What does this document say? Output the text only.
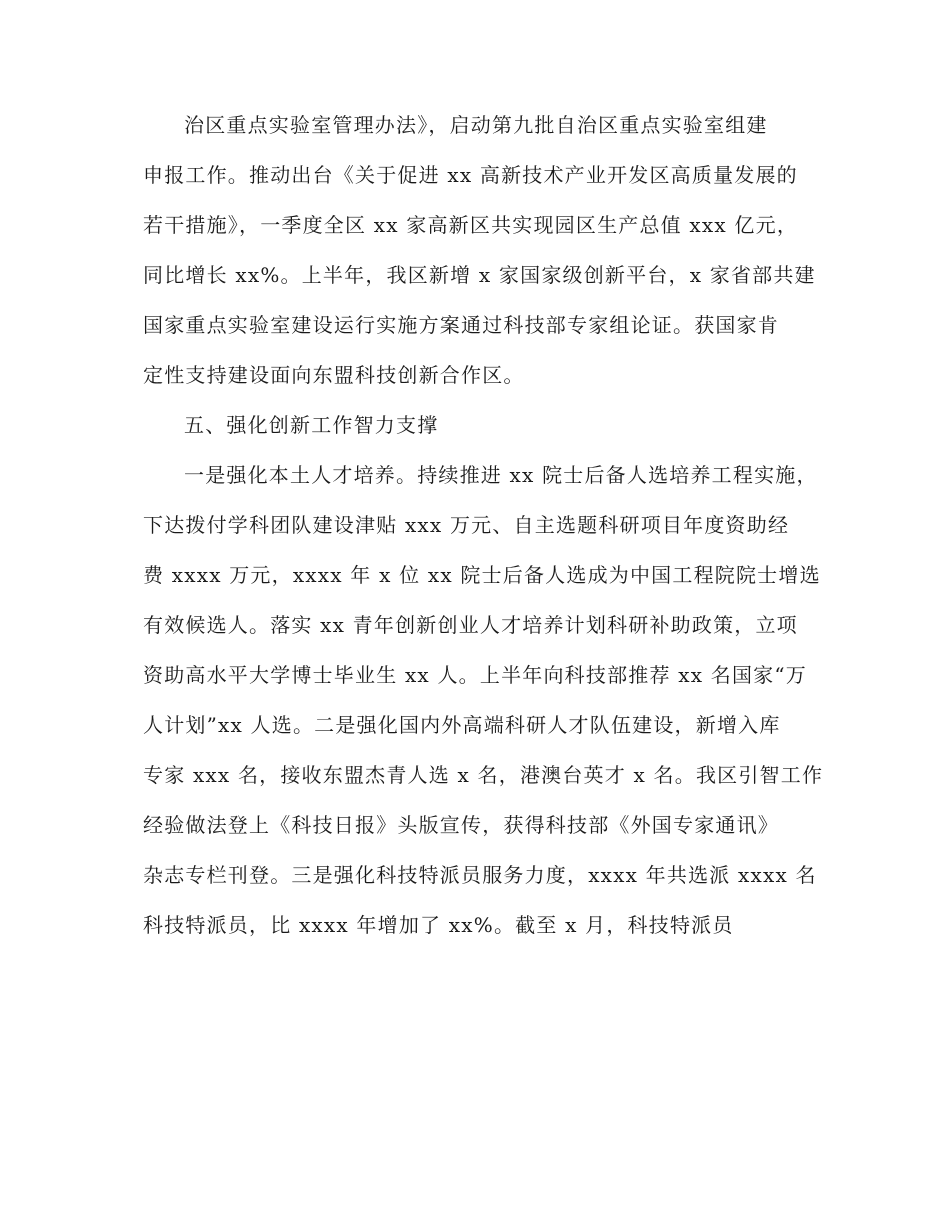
治区重点实验室管理办法》，启动第九批自治区重点实验室组建
申报工作。推动出台《关于促进 xx 高新技术产业开发区高质量发展的
若干措施》，一季度全区 xx 家高新区共实现园区生产总值 xxx 亿元，
同比增长 xx%。上半年，我区新增 x 家国家级创新平台，x 家省部共建
国家重点实验室建设运行实施方案通过科技部专家组论证。获国家肯
定性支持建设面向东盟科技创新合作区。
五、强化创新工作智力支撑
一是强化本土人才培养。持续推进 xx 院士后备人选培养工程实施，
下达拨付学科团队建设津贴 xxx 万元、自主选题科研项目年度资助经
费 xxxx 万元，xxxx 年 x 位 xx 院士后备人选成为中国工程院院士增选
有效候选人。落实 xx 青年创新创业人才培养计划科研补助政策，立项
资助高水平大学博士毕业生 xx 人。上半年向科技部推荐 xx 名国家“万
人计划”xx 人选。二是强化国内外高端科研人才队伍建设，新增入库
专家 xxx 名，接收东盟杰青人选 x 名，港澳台英才 x 名。我区引智工作
经验做法登上《科技日报》头版宣传，获得科技部《外国专家通讯》
杂志专栏刊登。三是强化科技特派员服务力度，xxxx 年共选派 xxxx 名
科技特派员，比 xxxx 年增加了 xx%。截至 x 月，科技特派员
